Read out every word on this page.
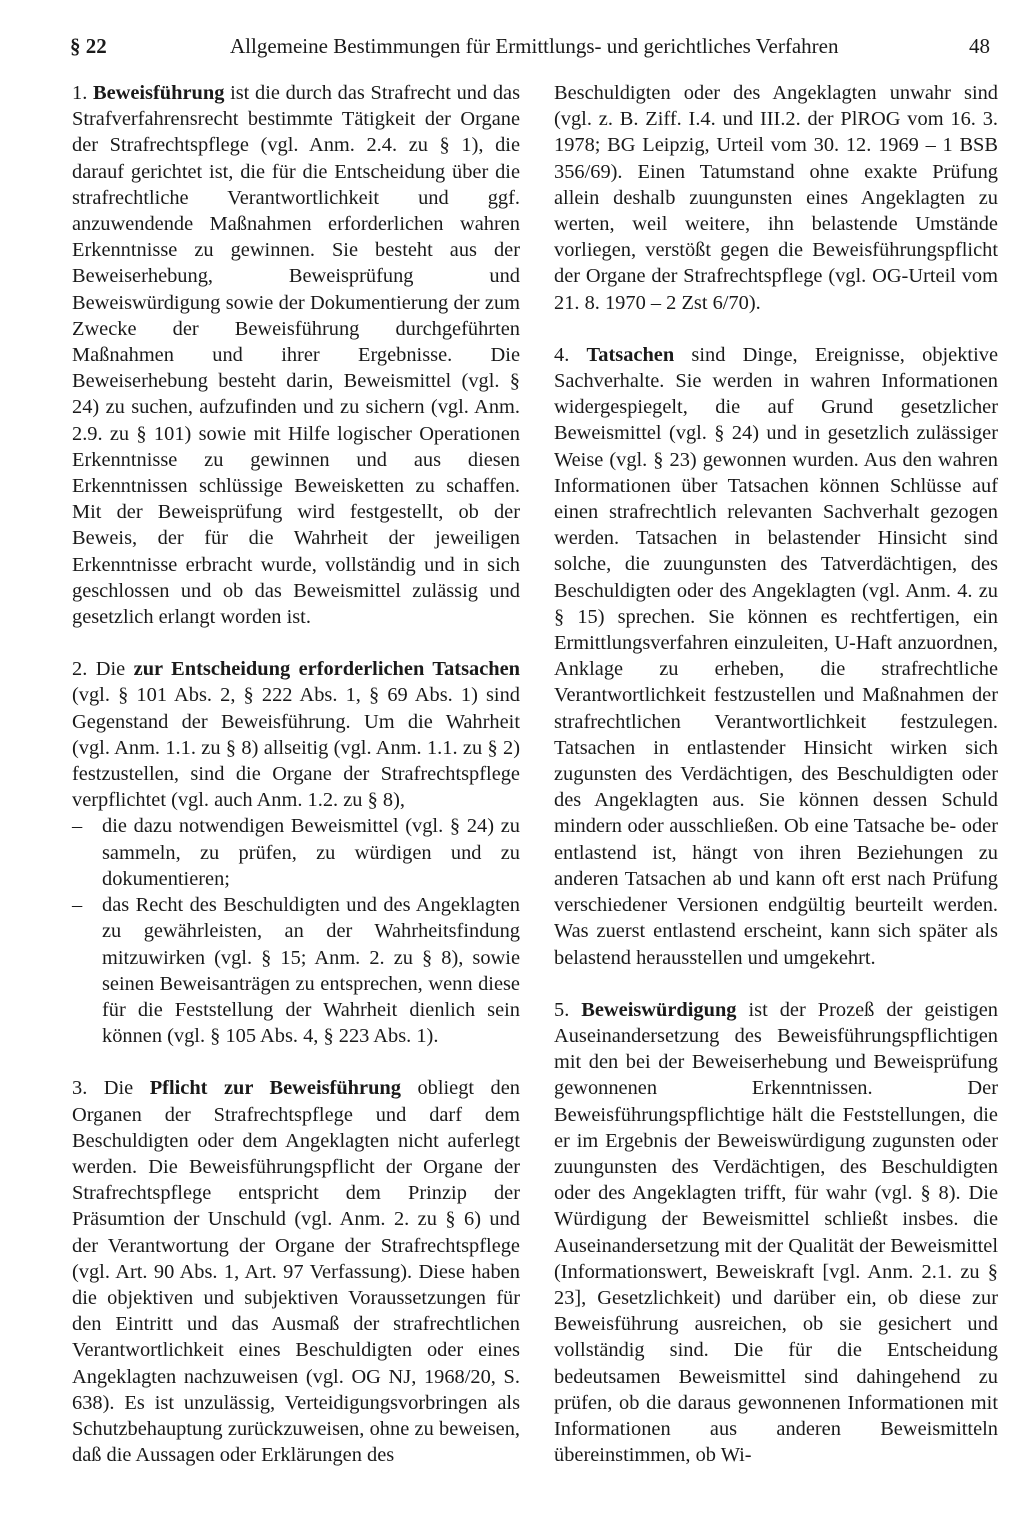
§ 22	Allgemeine Bestimmungen für Ermittlungs- und gerichtliches Verfahren	48

1. Beweisführung ist die durch das Strafrecht und das Strafverfahrensrecht bestimmte Tätigkeit der Organe der Strafrechtspflege (vgl. Anm. 2.4. zu § 1), die darauf gerichtet ist, die für die Entscheidung über die strafrechtliche Verantwortlichkeit und ggf. anzuwendende Maßnahmen erforderlichen wahren Erkenntnisse zu gewinnen. Sie besteht aus der Beweiserhebung, Beweisprüfung und Beweiswürdigung sowie der Dokumentierung der zum Zwecke der Beweisführung durchgeführten Maßnahmen und ihrer Ergebnisse. Die Beweiserhebung besteht darin, Beweismittel (vgl. § 24) zu suchen, aufzufinden und zu sichern (vgl. Anm. 2.9. zu § 101) sowie mit Hilfe logischer Operationen Erkenntnisse zu gewinnen und aus diesen Erkenntnissen schlüssige Beweisketten zu schaffen. Mit der Beweisprüfung wird festgestellt, ob der Beweis, der für die Wahrheit der jeweiligen Erkenntnisse erbracht wurde, vollständig und in sich geschlossen und ob das Beweismittel zulässig und gesetzlich erlangt worden ist.

2. Die zur Entscheidung erforderlichen Tatsachen (vgl. § 101 Abs. 2, § 222 Abs. 1, § 69 Abs. 1) sind Gegenstand der Beweisführung. Um die Wahrheit (vgl. Anm. 1.1. zu § 8) allseitig (vgl. Anm. 1.1. zu § 2) festzustellen, sind die Organe der Strafrechtspflege verpflichtet (vgl. auch Anm. 1.2. zu § 8),

– die dazu notwendigen Beweismittel (vgl. § 24) zu sammeln, zu prüfen, zu würdigen und zu dokumentieren;

– das Recht des Beschuldigten und des Angeklagten zu gewährleisten, an der Wahrheitsfindung mitzuwirken (vgl. § 15; Anm. 2. zu § 8), sowie seinen Beweisanträgen zu entsprechen, wenn diese für die Feststellung der Wahrheit dienlich sein können (vgl. § 105 Abs. 4, § 223 Abs. 1).

3. Die Pflicht zur Beweisführung obliegt den Organen der Strafrechtspflege und darf dem Beschuldigten oder dem Angeklagten nicht auferlegt werden. Die Beweisführungspflicht der Organe der Strafrechtspflege entspricht dem Prinzip der Präsumtion der Unschuld (vgl. Anm. 2. zu § 6) und der Verantwortung der Organe der Strafrechtspflege (vgl. Art. 90 Abs. 1, Art. 97 Verfassung). Diese haben die objektiven und subjektiven Voraussetzungen für den Eintritt und das Ausmaß der strafrechtlichen Verantwortlichkeit eines Beschuldigten oder eines Angeklagten nachzuweisen (vgl. OG NJ, 1968/20, S. 638). Es ist unzulässig, Verteidigungsvorbringen als Schutzbehauptung zurückzuweisen, ohne zu beweisen, daß die Aussagen oder Erklärungen des

Beschuldigten oder des Angeklagten unwahr sind (vgl. z. B. Ziff. I.4. und III.2. der PlROG vom 16. 3. 1978; BG Leipzig, Urteil vom 30. 12. 1969 – 1 BSB 356/69). Einen Tatumstand ohne exakte Prüfung allein deshalb zuungunsten eines Angeklagten zu werten, weil weitere, ihn belastende Umstände vorliegen, verstößt gegen die Beweisführungspflicht der Organe der Strafrechtspflege (vgl. OG-Urteil vom 21. 8. 1970 – 2 Zst 6/70).

4. Tatsachen sind Dinge, Ereignisse, objektive Sachverhalte. Sie werden in wahren Informationen widergespiegelt, die auf Grund gesetzlicher Beweismittel (vgl. § 24) und in gesetzlich zulässiger Weise (vgl. § 23) gewonnen wurden. Aus den wahren Informationen über Tatsachen können Schlüsse auf einen strafrechtlich relevanten Sachverhalt gezogen werden. Tatsachen in belastender Hinsicht sind solche, die zuungunsten des Tatverdächtigen, des Beschuldigten oder des Angeklagten (vgl. Anm. 4. zu § 15) sprechen. Sie können es rechtfertigen, ein Ermittlungsverfahren einzuleiten, U-Haft anzuordnen, Anklage zu erheben, die strafrechtliche Verantwortlichkeit festzustellen und Maßnahmen der strafrechtlichen Verantwortlichkeit festzulegen. Tatsachen in entlastender Hinsicht wirken sich zugunsten des Verdächtigen, des Beschuldigten oder des Angeklagten aus. Sie können dessen Schuld mindern oder ausschließen. Ob eine Tatsache be- oder entlastend ist, hängt von ihren Beziehungen zu anderen Tatsachen ab und kann oft erst nach Prüfung verschiedener Versionen endgültig beurteilt werden. Was zuerst entlastend erscheint, kann sich später als belastend herausstellen und umgekehrt.

5. Beweiswürdigung ist der Prozeß der geistigen Auseinandersetzung des Beweisführungspflichtigen mit den bei der Beweiserhebung und Beweisprüfung gewonnenen Erkenntnissen. Der Beweisführungspflichtige hält die Feststellungen, die er im Ergebnis der Beweiswürdigung zugunsten oder zuungunsten des Verdächtigen, des Beschuldigten oder des Angeklagten trifft, für wahr (vgl. § 8). Die Würdigung der Beweismittel schließt insbes. die Auseinandersetzung mit der Qualität der Beweismittel (Informationswert, Beweiskraft [vgl. Anm. 2.1. zu § 23], Gesetzlichkeit) und darüber ein, ob diese zur Beweisführung ausreichen, ob sie gesichert und vollständig sind. Die für die Entscheidung bedeutsamen Beweismittel sind dahingehend zu prüfen, ob die daraus gewonnenen Informationen mit Informationen aus anderen Beweismitteln übereinstimmen, ob Wi-
